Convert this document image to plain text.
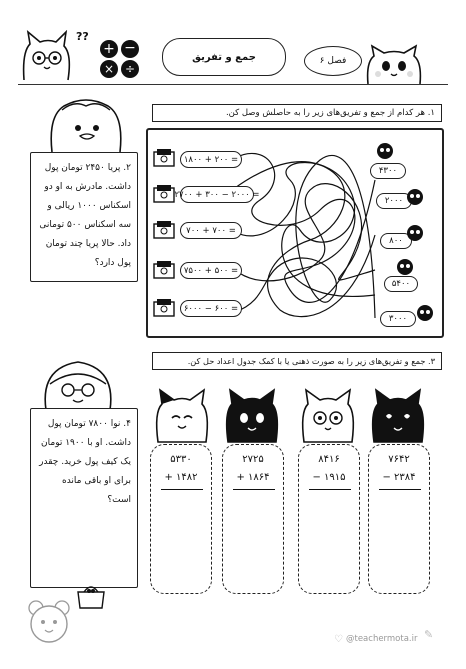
??
+ −
× ÷
جمع و تفریق	فصل ۶
۲. پریا ۲۴۵۰ تومان پول داشت. مادرش به او دو اسکناس ۱۰۰۰ ریالی و سه اسکناس ۵۰۰ تومانی داد. حالا پریا چند تومان پول دارد؟
۱. هر کدام از جمع و تفریق‌های زیر را به حاصلش وصل کن.
۱۸۰۰ + ۲۰۰ =
۲۷۰۰ + ۳۰۰ − ۲۰۰۰ =
۷۰۰ + ۷۰۰ =
۷۵۰۰ + ۵۰۰ =
۶۰۰۰ − ۶۰۰ =
۴۳۰۰
۲۰۰۰
۸۰۰
۵۴۰۰
۳۰۰۰
۳. جمع و تفریق‌های زیر را به صورت ذهنی یا با کمک جدول اعداد حل کن.
۵۳۳۰
+ ۱۴۸۲
۲۷۲۵
+ ۱۸۶۴
۸۴۱۶
− ۱۹۱۵
۷۶۴۲
− ۲۳۸۴
۴. نوا ۷۸۰۰ تومان پول داشت. او با ۱۹۰۰ تومان یک کیف پول خرید. چقدر برای او باقی مانده است؟
♡ @teachermota.ir ✎
